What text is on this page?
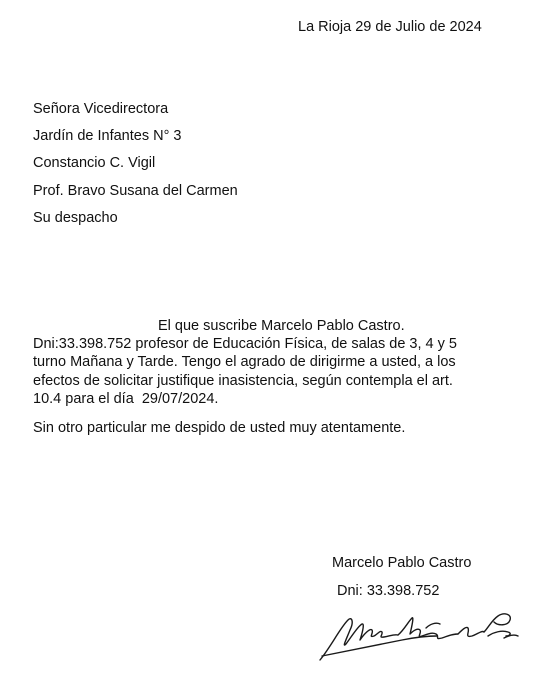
La Rioja 29 de Julio de 2024
Señora Vicedirectora
Jardín de Infantes N° 3
Constancio C. Vigil
Prof. Bravo Susana del Carmen
Su despacho
El que suscribe Marcelo Pablo Castro.
Dni:33.398.752 profesor de Educación Física, de salas de 3, 4 y 5
turno Mañana y Tarde. Tengo el agrado de dirigirme a usted, a los
efectos de solicitar justifique inasistencia, según contempla el art.
10.4 para el día  29/07/2024.
Sin otro particular me despido de usted muy atentamente.
Marcelo Pablo Castro
Dni: 33.398.752
